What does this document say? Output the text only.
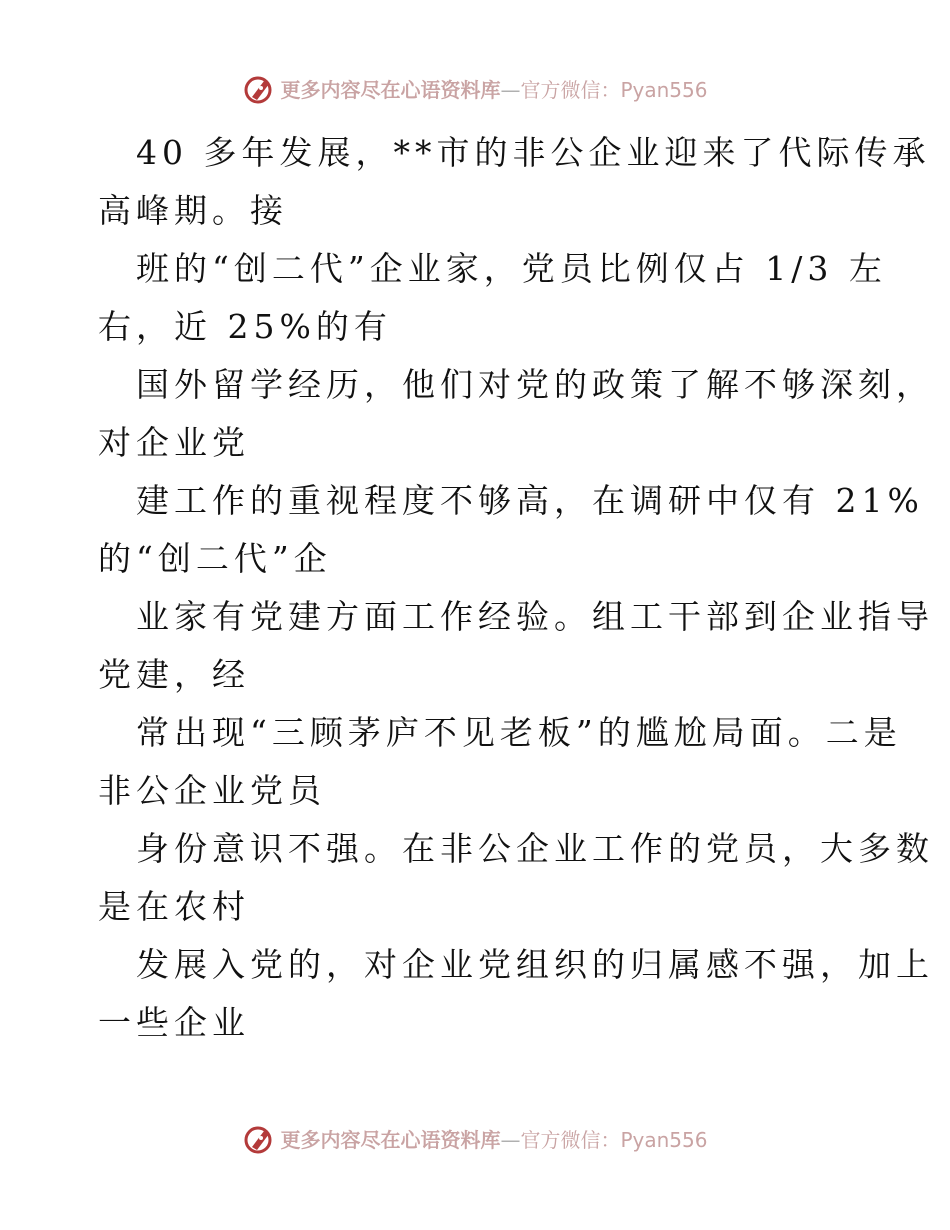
更多内容尽在心语资料库—官方微信：Pyan556
40 多年发展，**市的非公企业迎来了代际传承
高峰期。接
班的“创二代”企业家，党员比例仅占 1/3 左
右，近 25%的有
国外留学经历，他们对党的政策了解不够深刻，
对企业党
建工作的重视程度不够高，在调研中仅有 21%
的“创二代”企
业家有党建方面工作经验。组工干部到企业指导
党建，经
常出现“三顾茅庐不见老板”的尴尬局面。二是
非公企业党员
身份意识不强。在非公企业工作的党员，大多数
是在农村
发展入党的，对企业党组织的归属感不强，加上
一些企业
更多内容尽在心语资料库—官方微信：Pyan556
